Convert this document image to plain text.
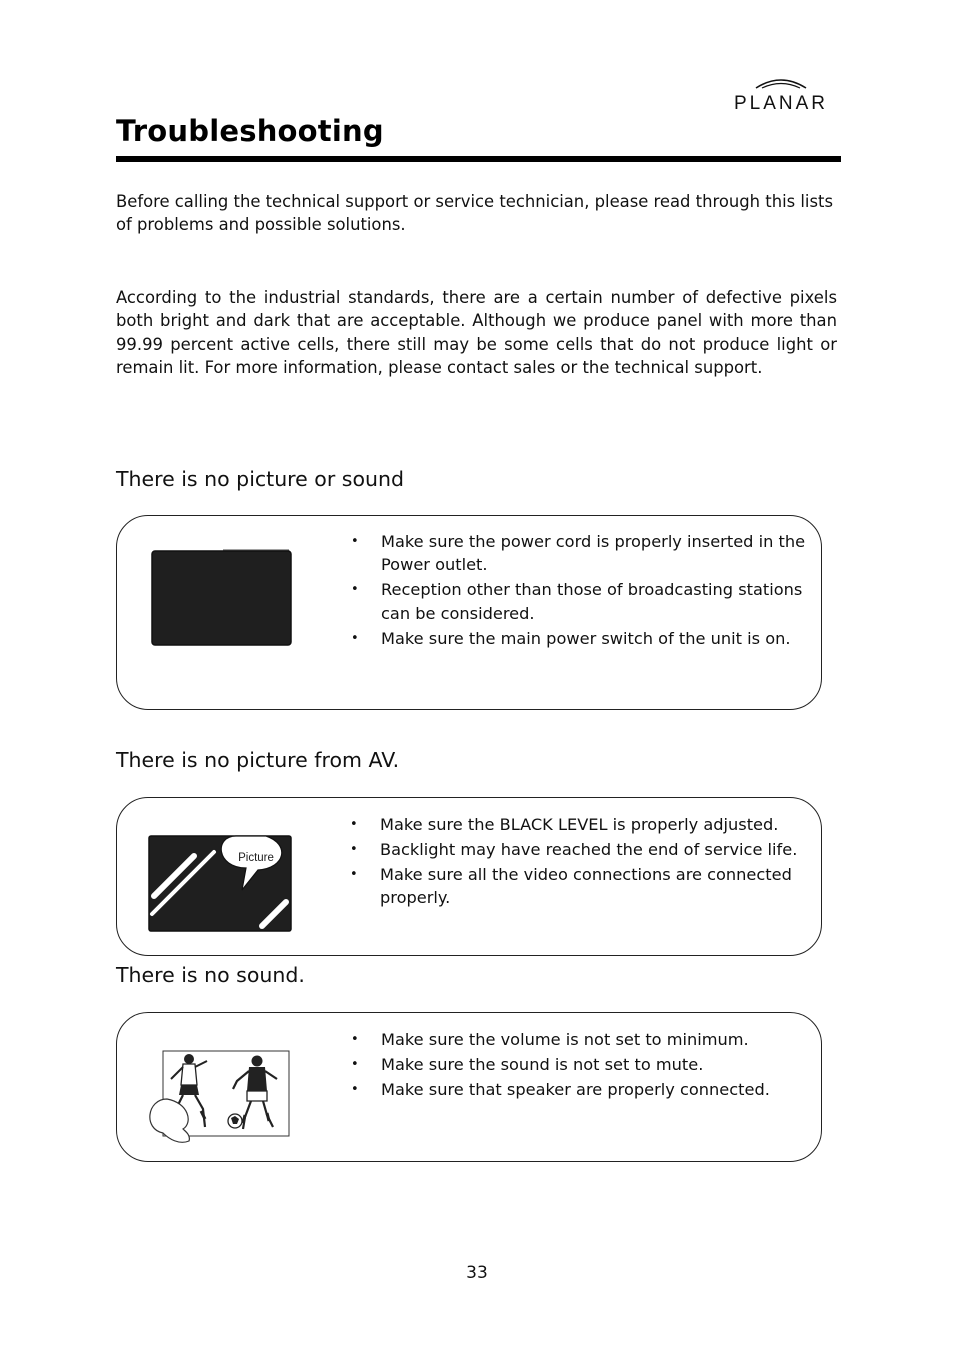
PLANAR
Troubleshooting

Before calling the technical support or service technician, please read through this lists of problems and possible solutions.

According to the industrial standards, there are a certain number of defective pixels both bright and dark that are acceptable. Although we produce panel with more than 99.99 percent active cells, there still may be some cells that do not produce light or remain lit. For more information, please contact sales or the technical support.

There is no picture or sound
• Make sure the power cord is properly inserted in the Power outlet.
• Reception other than those of broadcasting stations can be considered.
• Make sure the main power switch of the unit is on.
There is no picture from AV.
Picture
• Make sure the BLACK LEVEL is properly adjusted.
• Backlight may have reached the end of service life.
• Make sure all the video connections are connected properly.
There is no sound.
• Make sure the volume is not set to minimum.
• Make sure the sound is not set to mute.
• Make sure that speaker are properly connected.
33
